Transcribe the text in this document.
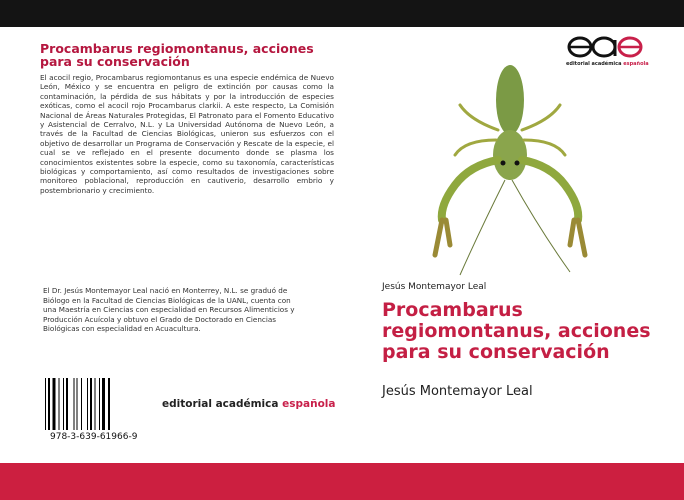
Procambarus regiomontanus, acciones para su conservación
El acocil regio, Procambarus regiomontanus es una especie endémica de Nuevo León, México y se encuentra en peligro de extinción por causas como la contaminación, la pérdida de sus hábitats y por la introducción de especies exóticas, como el acocil rojo Procambarus clarkii. A este respecto, La Comisión Nacional de Áreas Naturales Protegidas, El Patronato para el Fomento Educativo y Asistencial de Cerralvo, N.L. y La Universidad Autónoma de Nuevo León, a través de la Facultad de Ciencias Biológicas, unieron sus esfuerzos con el objetivo de desarrollar un Programa de Conservación y Rescate de la especie, el cual se ve reflejado en el presente documento donde se plasma los conocimientos existentes sobre la especie, como su taxonomía, características biológicas y comportamiento, así como resultados de investigaciones sobre monitoreo poblacional, reproducción en cautiverio, desarrollo embrio y postembrionario y crecimiento.
El Dr. Jesús Montemayor Leal nació en Monterrey, N.L. se graduó de Biólogo en la Facultad de Ciencias Biológicas de la UANL, cuenta con una Maestría en Ciencias con especialidad en Recursos Alimenticios y Producción Acuícola y obtuvo el Grado de Doctorado en Ciencias Biológicas con especialidad en Acuacultura.
978-3-639-61966-9
editorial académica española
editorial académica española
Jesús Montemayor Leal
Procambarus regiomontanus, acciones para su conservación
Jesús Montemayor Leal
